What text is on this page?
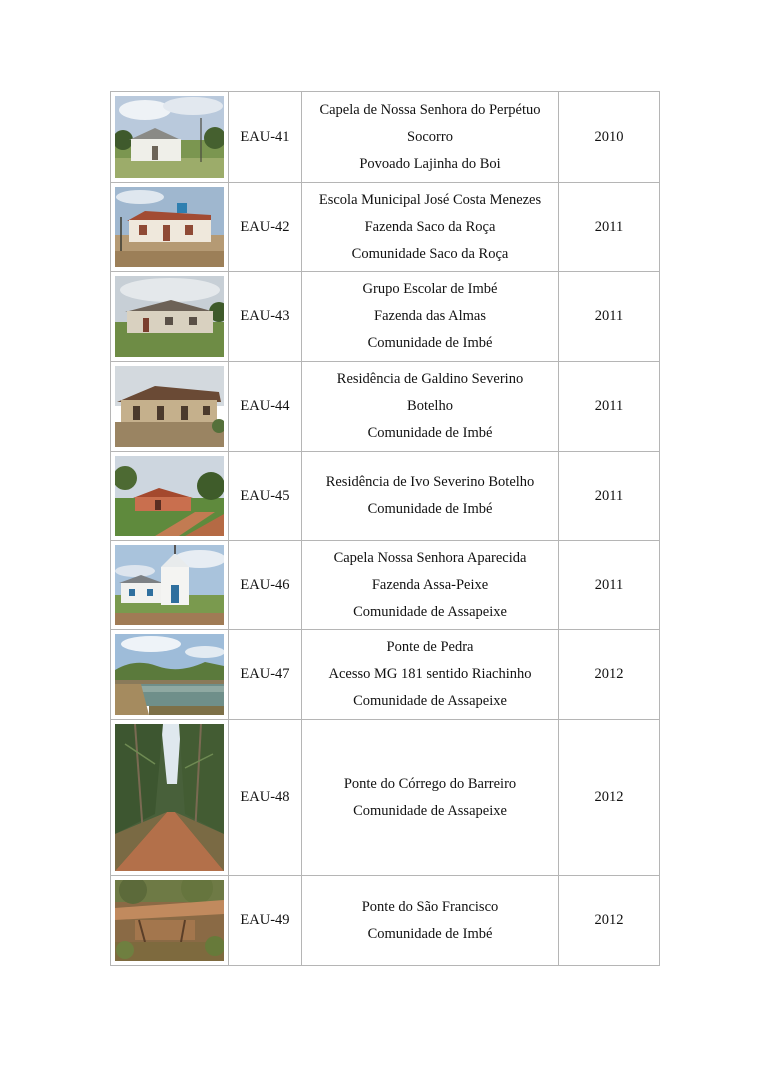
	EAU-41	Capela de Nossa Senhora do Perpétuo
Socorro
Povoado Lajinha do Boi	2010

	EAU-42	Escola Municipal José Costa Menezes
Fazenda Saco da Roça
Comunidade Saco da Roça	2011

	EAU-43	Grupo Escolar de Imbé
Fazenda das Almas
Comunidade de Imbé	2011

	EAU-44	Residência de Galdino Severino
Botelho
Comunidade de Imbé	2011

	EAU-45	Residência de Ivo Severino Botelho
Comunidade de Imbé	2011

	EAU-46	Capela Nossa Senhora Aparecida
Fazenda Assa-Peixe
Comunidade de Assapeixe	2011

	EAU-47	Ponte de Pedra
Acesso MG 181 sentido Riachinho
Comunidade de Assapeixe	2012

	EAU-48	Ponte do Córrego do Barreiro
Comunidade de Assapeixe	2012

	EAU-49	Ponte do São Francisco
Comunidade de Imbé	2012
